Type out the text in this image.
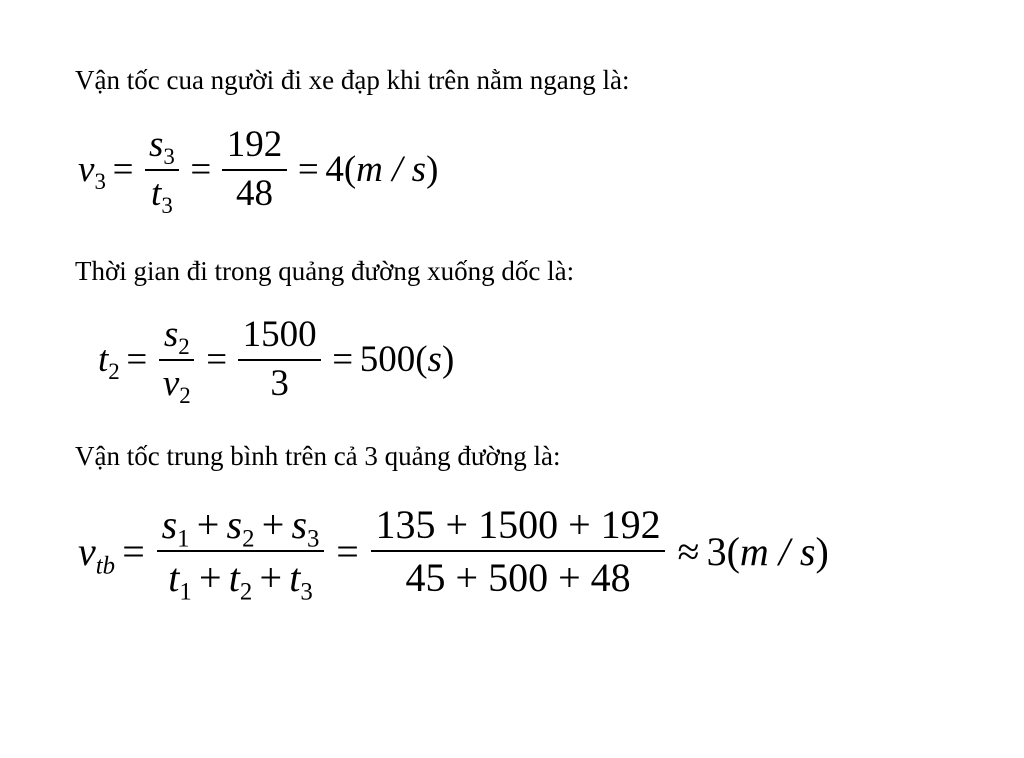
Vận tốc cua người đi xe đạp khi trên nằm ngang là:
$v_3 = \frac{s_3}{t_3} = \frac{192}{48} = 4(m / s)$
Thời gian đi trong quảng đường xuống dốc là:
$t_2 = \frac{s_2}{v_2} = \frac{1500}{3} = 500(s)$
Vận tốc trung bình trên cả 3 quảng đường là:
$v_{tb} = \frac{s_1 + s_2 + s_3}{t_1 + t_2 + t_3} = \frac{135 + 1500 + 192}{45 + 500 + 48} \approx 3(m / s)$
